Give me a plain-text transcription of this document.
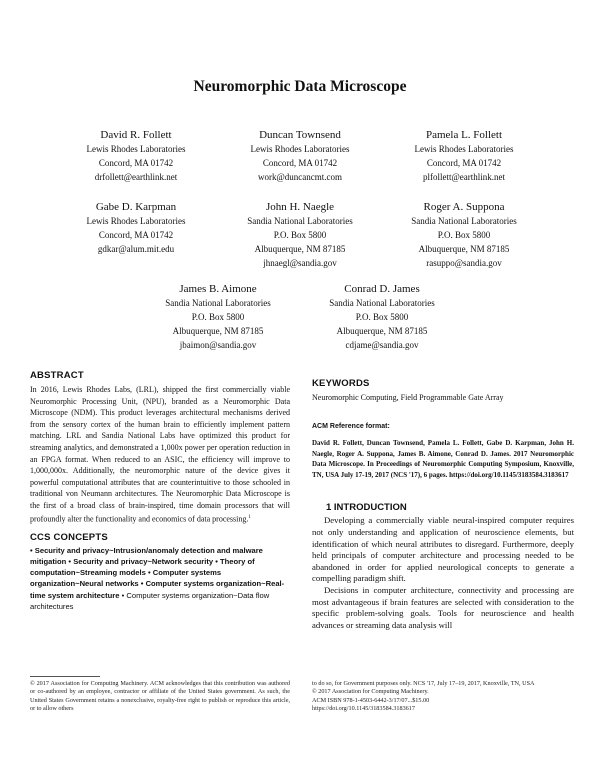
Neuromorphic Data Microscope
David R. Follett
Lewis Rhodes Laboratories
Concord, MA 01742
drfollett@earthlink.net
Duncan Townsend
Lewis Rhodes Laboratories
Concord, MA 01742
work@duncancmt.com
Pamela L. Follett
Lewis Rhodes Laboratories
Concord, MA 01742
plfollett@earthlink.net
Gabe D. Karpman
Lewis Rhodes Laboratories
Concord, MA 01742
gdkar@alum.mit.edu
John H. Naegle
Sandia National Laboratories
P.O. Box 5800
Albuquerque, NM 87185
jhnaegl@sandia.gov
Roger A. Suppona
Sandia National Laboratories
P.O. Box 5800
Albuquerque, NM 87185
rasuppo@sandia.gov
James B. Aimone
Sandia National Laboratories
P.O. Box 5800
Albuquerque, NM 87185
jbaimon@sandia.gov
Conrad D. James
Sandia National Laboratories
P.O. Box 5800
Albuquerque, NM 87185
cdjame@sandia.gov
ABSTRACT

In 2016, Lewis Rhodes Labs, (LRL), shipped the first commercially viable Neuromorphic Processing Unit, (NPU), branded as a Neuromorphic Data Microscope (NDM). This product leverages architectural mechanisms derived from the sensory cortex of the human brain to efficiently implement pattern matching. LRL and Sandia National Labs have optimized this product for streaming analytics, and demonstrated a 1,000x power per operation reduction in an FPGA format. When reduced to an ASIC, the efficiency will improve to 1,000,000x. Additionally, the neuromorphic nature of the device gives it powerful computational attributes that are counterintuitive to those schooled in traditional von Neumann architectures. The Neuromorphic Data Microscope is the first of a broad class of brain-inspired, time domain processors that will profoundly alter the functionality and economics of data processing.$^1$

CCS CONCEPTS

• Security and privacy~Intrusion/anomaly detection and malware mitigation • Security and privacy~Network security • Theory of computation~Streaming models • Computer systems organization~Neural networks • Computer systems organization~Real-time system architecture • Computer systems organization~Data flow architectures

KEYWORDS

Neuromorphic Computing, Field Programmable Gate Array

ACM Reference format:

David R. Follett, Duncan Townsend, Pamela L. Follett, Gabe D. Karpman, John H. Naegle, Roger A. Suppona, James B. Aimone, Conrad D. James. 2017 Neuromorphic Data Microscope. In Proceedings of Neuromorphic Computing Symposium, Knoxville, TN, USA July 17-19, 2017 (NCS '17), 6 pages. https://doi.org/10.1145/3183584.3183617

1 INTRODUCTION

Developing a commercially viable neural-inspired computer requires not only understanding and application of neuroscience elements, but identification of which neural attributes to disregard. Furthermore, deeply held principals of computer architecture and processing needed to be abandoned in order for applied neurological concepts to generate a compelling paradigm shift.

Decisions in computer architecture, connectivity and processing are most advantageous if brain features are selected with consideration to the specific problem-solving goals. Tools for neuroscience and health advances or streaming data analysis will

© 2017 Association for Computing Machinery. ACM acknowledges that this contribution was authored or co-authored by an employee, contractor or affiliate of the United States government. As such, the United States Government retains a nonexclusive, royalty-free right to publish or reproduce this article, or to allow others

to do so, for Government purposes only. NCS '17, July 17–19, 2017, Knoxville, TN, USA

© 2017 Association for Computing Machinery.

ACM ISBN 978-1-4503-6442-3/17/07...$15.00

https://doi.org/10.1145/3183584.3183617
